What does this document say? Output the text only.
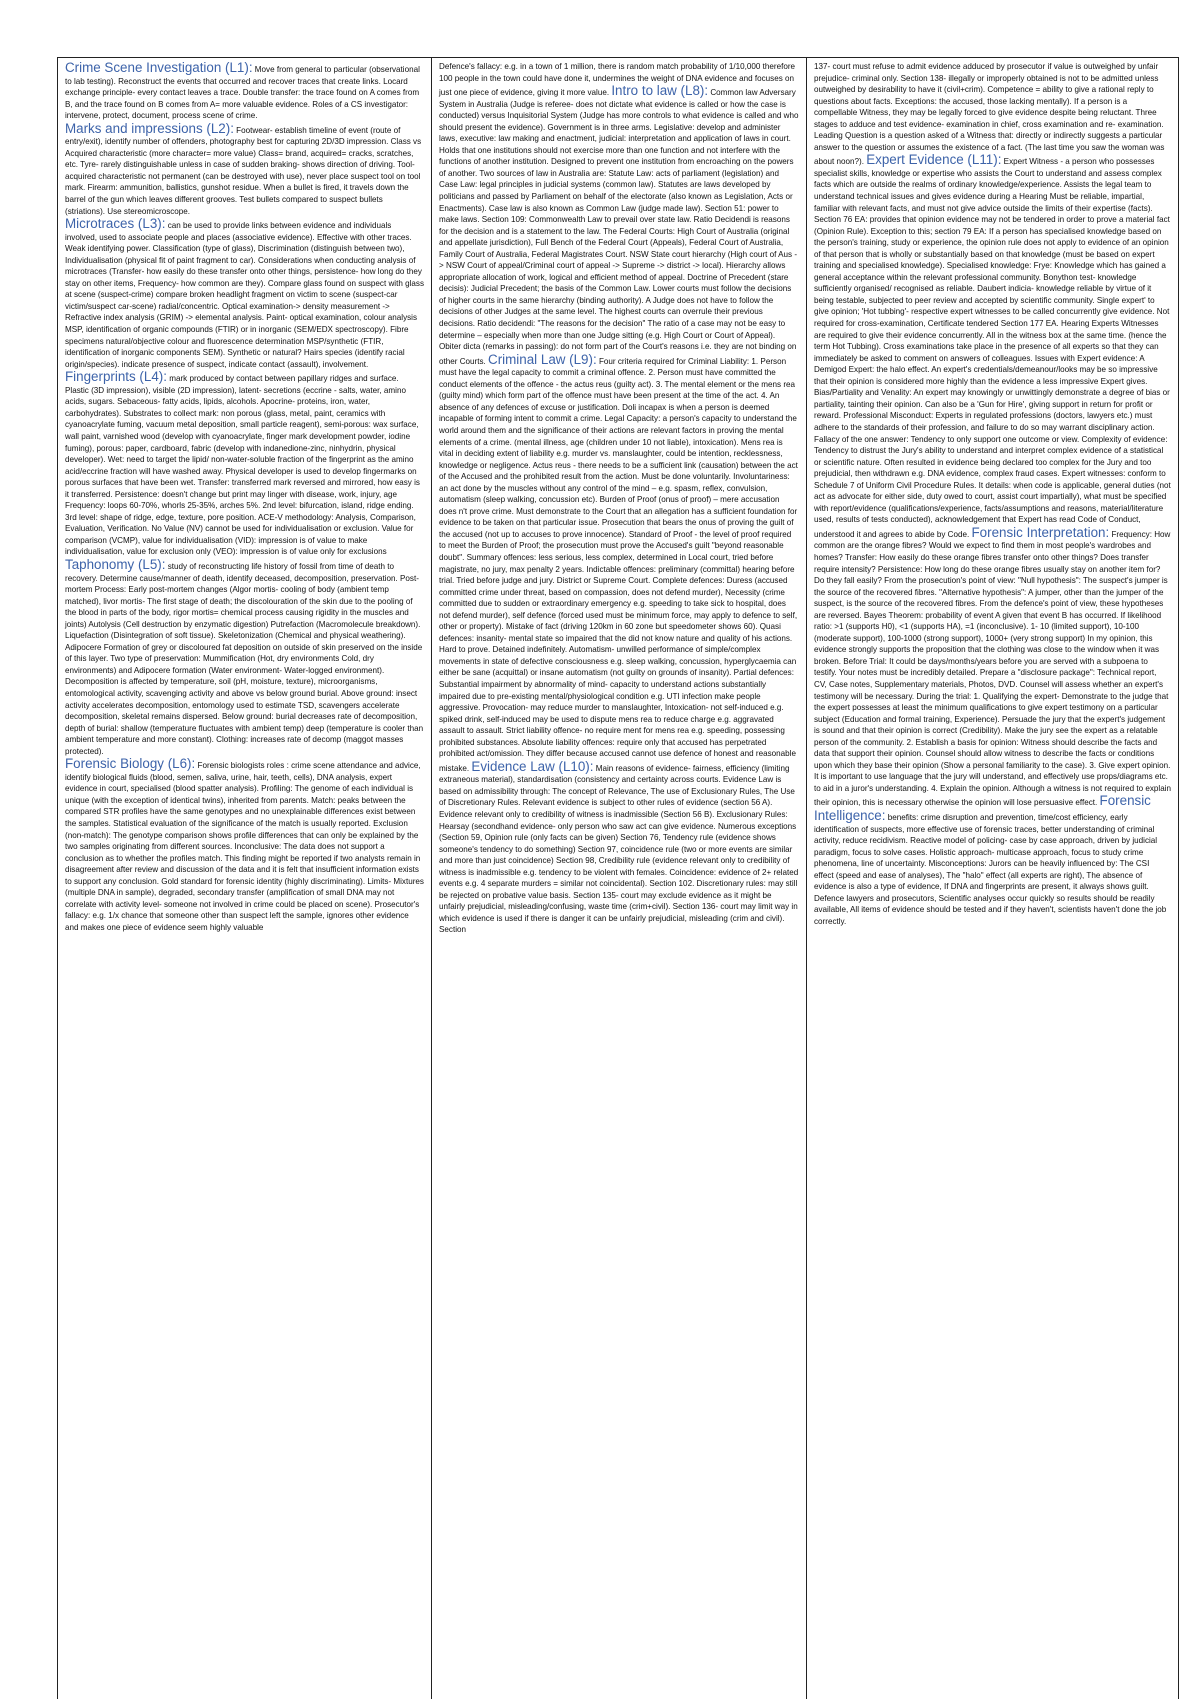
Crime Scene Investigation (L1): Move from general to particular (observational to lab testing). Reconstruct the events that occurred and recover traces that create links. Locard exchange principle- every contact leaves a trace. Double transfer: the trace found on A comes from B, and the trace found on B comes from A= more valuable evidence. Roles of a CS investigator: intervene, protect, document, process scene of crime.

Marks and impressions (L2): Footwear- establish timeline of event (route of entry/exit), identify number of offenders, photography best for capturing 2D/3D impression. Class vs Acquired characteristic (more character= more value) Class= brand, acquired= cracks, scratches, etc. Tyre- rarely distinguishable unless in case of sudden braking- shows direction of driving. Tool- acquired characteristic not permanent (can be destroyed with use), never place suspect tool on tool mark. Firearm: ammunition, ballistics, gunshot residue. When a bullet is fired, it travels down the barrel of the gun which leaves different grooves. Test bullets compared to suspect bullets (striations). Use stereomicroscope.

Microtraces (L3): can be used to provide links between evidence and individuals involved, used to associate people and places (associative evidence). Effective with other traces. Weak identifying power. Classification (type of glass), Discrimination (distinguish between two), Individualisation (physical fit of paint fragment to car). Considerations when conducting analysis of microtraces (Transfer- how easily do these transfer onto other things, persistence- how long do they stay on other items, Frequency- how common are they). Compare glass found on suspect with glass at scene (suspect-crime) compare broken headlight fragment on victim to scene (suspect-car victim/suspect car-scene) radial/concentric. Optical examination-> density measurement -> Refractive index analysis (GRIM) -> elemental analysis. Paint- optical examination, colour analysis MSP, identification of organic compounds (FTIR) or in inorganic (SEM/EDX spectroscopy). Fibre specimens natural/objective colour and fluorescence determination MSP/synthetic (FTIR, identification of inorganic components SEM). Synthetic or natural? Hairs species (identify racial origin/species). indicate presence of suspect, indicate contact (assault), involvement.

Fingerprints (L4): mark produced by contact between papillary ridges and surface. Plastic (3D impression), visible (2D impression), latent- secretions (eccrine - salts, water, amino acids, sugars. Sebaceous- fatty acids, lipids, alcohols. Apocrine- proteins, iron, water, carbohydrates). Substrates to collect mark: non porous (glass, metal, paint, ceramics with cyanoacrylate fuming, vacuum metal deposition, small particle reagent), semi-porous: wax surface, wall paint, varnished wood (develop with cyanoacrylate, finger mark development powder, iodine fuming), porous: paper, cardboard, fabric (develop with indanedione-zinc, ninhydrin, physical developer). Wet: need to target the lipid/ non-water-soluble fraction of the fingerprint as the amino acid/eccrine fraction will have washed away. Physical developer is used to develop fingermarks on porous surfaces that have been wet. Transfer: transferred mark reversed and mirrored, how easy is it transferred. Persistence: doesn't change but print may linger with disease, work, injury, age Frequency: loops 60-70%, whorls 25-35%, arches 5%. 2nd level: bifurcation, island, ridge ending. 3rd level: shape of ridge, edge, texture, pore position. ACE-V methodology: Analysis, Comparison, Evaluation, Verification. No Value (NV) cannot be used for individualisation or exclusion. Value for comparison (VCMP), value for individualisation (VID): impression is of value to make individualisation, value for exclusion only (VEO): impression is of value only for exclusions

Taphonomy (L5): study of reconstructing life history of fossil from time of death to recovery. Determine cause/manner of death, identify deceased, decomposition, preservation. Post-mortem Process: Early post-mortem changes (Algor mortis- cooling of body (ambient temp matched), livor mortis- The first stage of death; the discolouration of the skin due to the pooling of the blood in parts of the body, rigor mortis= chemical process causing rigidity in the muscles and joints) Autolysis (Cell destruction by enzymatic digestion) Putrefaction (Macromolecule breakdown). Liquefaction (Disintegration of soft tissue). Skeletonization (Chemical and physical weathering). Adipocere Formation of grey or discoloured fat deposition on outside of skin preserved on the inside of this layer. Two type of preservation: Mummification (Hot, dry environments Cold, dry environments) and Adipocere formation (Water environment- Water-logged environment). Decomposition is affected by temperature, soil (pH, moisture, texture), microorganisms, entomological activity, scavenging activity and above vs below ground burial. Above ground: insect activity accelerates decomposition, entomology used to estimate TSD, scavengers accelerate decomposition, skeletal remains dispersed. Below ground: burial decreases rate of decomposition, depth of burial: shallow (temperature fluctuates with ambient temp) deep (temperature is cooler than ambient temperature and more constant). Clothing: increases rate of decomp (maggot masses protected).

Forensic Biology (L6): Forensic biologists roles : crime scene attendance and advice, identify biological fluids (blood, semen, saliva, urine, hair, teeth, cells), DNA analysis, expert evidence in court, specialised (blood spatter analysis). Profiling: The genome of each individual is unique (with the exception of identical twins), inherited from parents. Match: peaks between the compared STR profiles have the same genotypes and no unexplainable differences exist between the samples. Statistical evaluation of the significance of the match is usually reported. Exclusion (non-match): The genotype comparison shows profile differences that can only be explained by the two samples originating from different sources. Inconclusive: The data does not support a conclusion as to whether the profiles match. This finding might be reported if two analysts remain in disagreement after review and discussion of the data and it is felt that insufficient information exists to support any conclusion. Gold standard for forensic identity (highly discriminating). Limits- Mixtures (multiple DNA in sample), degraded, secondary transfer (amplification of small DNA may not correlate with activity level- someone not involved in crime could be placed on scene). Prosecutor's fallacy: e.g. 1/x chance that someone other than suspect left the sample, ignores other evidence and makes one piece of evidence seem highly valuable

Defence's fallacy: e.g. in a town of 1 million, there is random match probability of 1/10,000 therefore 100 people in the town could have done it, undermines the weight of DNA evidence and focuses on just one piece of evidence, giving it more value. Intro to law (L8): Common law Adversary System in Australia (Judge is referee- does not dictate what evidence is called or how the case is conducted) versus Inquisitorial System (Judge has more controls to what evidence is called and who should present the evidence). Government is in three arms. Legislative: develop and administer laws, executive: law making and enactment, judicial: interpretation and application of laws in court. Holds that one institutions should not exercise more than one function and not interfere with the functions of another institution. Designed to prevent one institution from encroaching on the powers of another. Two sources of law in Australia are: Statute Law: acts of parliament (legislation) and Case Law: legal principles in judicial systems (common law). Statutes are laws developed by politicians and passed by Parliament on behalf of the electorate (also known as Legislation, Acts or Enactments). Case law is also known as Common Law (judge made law). Section 51: power to make laws. Section 109: Commonwealth Law to prevail over state law. Ratio Decidendi is reasons for the decision and is a statement to the law. The Federal Courts: High Court of Australia (original and appellate jurisdiction), Full Bench of the Federal Court (Appeals), Federal Court of Australia, Family Court of Australia, Federal Magistrates Court. NSW State court hierarchy (High court of Aus -> NSW Court of appeal/Criminal court of appeal -> Supreme -> district -> local). Hierarchy allows appropriate allocation of work, logical and efficient method of appeal. Doctrine of Precedent (stare decisis): Judicial Precedent; the basis of the Common Law. Lower courts must follow the decisions of higher courts in the same hierarchy (binding authority). A Judge does not have to follow the decisions of other Judges at the same level. The highest courts can overrule their previous decisions. Ratio decidendi: "The reasons for the decision" The ratio of a case may not be easy to determine – especially when more than one Judge sitting (e.g. High Court or Court of Appeal). Obiter dicta (remarks in passing): do not form part of the Court's reasons i.e. they are not binding on other Courts. Criminal Law (L9): Four criteria required for Criminal Liability: 1. Person must have the legal capacity to commit a criminal offence. 2. Person must have committed the conduct elements of the offence - the actus reus (guilty act). 3. The mental element or the mens rea (guilty mind) which form part of the offence must have been present at the time of the act. 4. An absence of any defences of excuse or justification. Doli incapax is when a person is deemed incapable of forming intent to commit a crime. Legal Capacity: a person's capacity to understand the world around them and the significance of their actions are relevant factors in proving the mental elements of a crime. (mental illness, age (children under 10 not liable), intoxication). Mens rea is vital in deciding extent of liability e.g. murder vs. manslaughter, could be intention, recklessness, knowledge or negligence. Actus reus - there needs to be a sufficient link (causation) between the act of the Accused and the prohibited result from the action. Must be done voluntarily. Involuntariness: an act done by the muscles without any control of the mind – e.g. spasm, reflex, convulsion, automatism (sleep walking, concussion etc). Burden of Proof (onus of proof) – mere accusation does n't prove crime. Must demonstrate to the Court that an allegation has a sufficient foundation for evidence to be taken on that particular issue. Prosecution that bears the onus of proving the guilt of the accused (not up to accuses to prove innocence). Standard of Proof - the level of proof required to meet the Burden of Proof; the prosecution must prove the Accused's guilt "beyond reasonable doubt". Summary offences: less serious, less complex, determined in Local court, tried before magistrate, no jury, max penalty 2 years. Indictable offences: preliminary (committal) hearing before trial. Tried before judge and jury. District or Supreme Court. Complete defences: Duress (accused committed crime under threat, based on compassion, does not defend murder), Necessity (crime committed due to sudden or extraordinary emergency e.g. speeding to take sick to hospital, does not defend murder), self defence (forced used must be minimum force, may apply to defence to self, other or property). Mistake of fact (driving 120km in 60 zone but speedometer shows 60). Quasi defences: insanity- mental state so impaired that the did not know nature and quality of his actions. Hard to prove. Detained indefinitely. Automatism- unwilled performance of simple/complex movements in state of defective consciousness e.g. sleep walking, concussion, hyperglycaemia can either be sane (acquittal) or insane automatism (not guilty on grounds of insanity). Partial defences: Substantial impairment by abnormality of mind- capacity to understand actions substantially impaired due to pre-existing mental/physiological condition e.g. UTI infection make people aggressive. Provocation- may reduce murder to manslaughter, Intoxication- not self-induced e.g. spiked drink, self-induced may be used to dispute mens rea to reduce charge e.g. aggravated assault to assault. Strict liability offence- no require ment for mens rea e.g. speeding, possessing prohibited substances. Absolute liability offences: require only that accused has perpetrated prohibited act/omission. They differ because accused cannot use defence of honest and reasonable mistake. Evidence Law (L10): Main reasons of evidence- fairness, efficiency (limiting extraneous material), standardisation (consistency and certainty across courts. Evidence Law is based on admissibility through: The concept of Relevance, The use of Exclusionary Rules, The Use of Discretionary Rules. Relevant evidence is subject to other rules of evidence (section 56 A). Evidence relevant only to credibility of witness is inadmissible (Section 56 B). Exclusionary Rules: Hearsay (secondhand evidence- only person who saw act can give evidence. Numerous exceptions (Section 59, Opinion rule (only facts can be given) Section 76, Tendency rule (evidence shows someone's tendency to do something) Section 97, coincidence rule (two or more events are similar and more than just coincidence) Section 98, Credibility rule (evidence relevant only to credibility of witness is inadmissible e.g. tendency to be violent with females. Coincidence: evidence of 2+ related events e.g. 4 separate murders = similar not coincidental). Section 102. Discretionary rules: may still be rejected on probative value basis. Section 135- court may exclude evidence as it might be unfairly prejudicial, misleading/confusing, waste time (crim+civil). Section 136- court may limit way in which evidence is used if there is danger it can be unfairly prejudicial, misleading (crim and civil). Section
137- court must refuse to admit evidence adduced by prosecutor if value is outweighed by unfair prejudice- criminal only. Section 138- illegally or improperly obtained is not to be admitted unless outweighed by desirability to have it (civil+crim). Competence = ability to give a rational reply to questions about facts. Exceptions: the accused, those lacking mentally). If a person is a compellable Witness, they may be legally forced to give evidence despite being reluctant. Three stages to adduce and test evidence- examination in chief, cross examination and re- examination. Leading Question is a question asked of a Witness that: directly or indirectly suggests a particular answer to the question or assumes the existence of a fact. (The last time you saw the woman was about noon?). Expert Evidence (L11): Expert Witness - a person who possesses specialist skills, knowledge or expertise who assists the Court to understand and assess complex facts which are outside the realms of ordinary knowledge/experience. Assists the legal team to understand technical issues and gives evidence during a Hearing Must be reliable, impartial, familiar with relevant facts, and must not give advice outside the limits of their expertise (facts). Section 76 EA: provides that opinion evidence may not be tendered in order to prove a material fact (Opinion Rule). Exception to this; section 79 EA: If a person has specialised knowledge based on the person's training, study or experience, the opinion rule does not apply to evidence of an opinion of that person that is wholly or substantially based on that knowledge (must be based on expert training and specialised knowledge). Specialised knowledge: Frye: Knowledge which has gained a general acceptance within the relevant professional community. Bonython test- knowledge sufficiently organised/ recognised as reliable. Daubert indicia- knowledge reliable by virtue of it being testable, subjected to peer review and accepted by scientific community. Single expert' to give opinion; 'Hot tubbing'- respective expert witnesses to be called concurrently give evidence. Not required for cross-examination, Certificate tendered Section 177 EA. Hearing Experts Witnesses are required to give their evidence concurrently. All in the witness box at the same time. (hence the term Hot Tubbing). Cross examinations take place in the presence of all experts so that they can immediately be asked to comment on answers of colleagues. Issues with Expert evidence: A Demigod Expert: the halo effect. An expert's credentials/demeanour/looks may be so impressive that their opinion is considered more highly than the evidence a less impressive Expert gives. Bias/Partiality and Venality: An expert may knowingly or unwittingly demonstrate a degree of bias or partiality, tainting their opinion. Can also be a 'Gun for Hire', giving support in return for profit or reward. Professional Misconduct: Experts in regulated professions (doctors, lawyers etc.) must adhere to the standards of their profession, and failure to do so may warrant disciplinary action. Fallacy of the one answer: Tendency to only support one outcome or view. Complexity of evidence: Tendency to distrust the Jury's ability to understand and interpret complex evidence of a statistical or scientific nature. Often resulted in evidence being declared too complex for the Jury and too prejudicial, then withdrawn e.g. DNA evidence, complex fraud cases. Expert witnesses: conform to Schedule 7 of Uniform Civil Procedure Rules. It details: when code is applicable, general duties (not act as advocate for either side, duty owed to court, assist court impartially), what must be specified with report/evidence (qualifications/experience, facts/assumptions and reasons, material/literature used, results of tests conducted), acknowledgement that Expert has read Code of Conduct, understood it and agrees to abide by Code. Forensic Interpretation: Frequency: How common are the orange fibres? Would we expect to find them in most people's wardrobes and homes? Transfer: How easily do these orange fibres transfer onto other things? Does transfer require intensity? Persistence: How long do these orange fibres usually stay on another item for? Do they fall easily? From the prosecution's point of view: "Null hypothesis": The suspect's jumper is the source of the recovered fibres. "Alternative hypothesis": A jumper, other than the jumper of the suspect, is the source of the recovered fibres. From the defence's point of view, these hypotheses are reversed. Bayes Theorem: probability of event A given that event B has occurred. If likelihood ratio: >1 (supports H0), <1 (supports HA), =1 (inconclusive). 1- 10 (limited support), 10-100 (moderate support), 100-1000 (strong support), 1000+ (very strong support) In my opinion, this evidence strongly supports the proposition that the clothing was close to the window when it was broken. Before Trial: It could be days/months/years before you are served with a subpoena to testify. Your notes must be incredibly detailed. Prepare a "disclosure package": Technical report, CV, Case notes, Supplementary materials, Photos, DVD. Counsel will assess whether an expert's testimony will be necessary. During the trial: 1. Qualifying the expert- Demonstrate to the judge that the expert possesses at least the minimum qualifications to give expert testimony on a particular subject (Education and formal training, Experience). Persuade the jury that the expert's judgement is sound and that their opinion is correct (Credibility). Make the jury see the expert as a relatable person of the community. 2. Establish a basis for opinion: Witness should describe the facts and data that support their opinion. Counsel should allow witness to describe the facts or conditions upon which they base their opinion (Show a personal familiarity to the case). 3. Give expert opinion. It is important to use language that the jury will understand, and effectively use props/diagrams etc. to aid in a juror's understanding. 4. Explain the opinion. Although a witness is not required to explain their opinion, this is necessary otherwise the opinion will lose persuasive effect. Forensic Intelligence: benefits: crime disruption and prevention, time/cost efficiency, early identification of suspects, more effective use of forensic traces, better understanding of criminal activity, reduce recidivism. Reactive model of policing- case by case approach, driven by judicial paradigm, focus to solve cases. Holistic approach- multicase approach, focus to study crime phenomena, line of uncertainty. Misconceptions: Jurors can be heavily influenced by: The CSI effect (speed and ease of analyses), The "halo" effect (all experts are right), The absence of evidence is also a type of evidence, If DNA and fingerprints are present, it always shows guilt. Defence lawyers and prosecutors, Scientific analyses occur quickly so results should be readily available, All items of evidence should be tested and if they haven't, scientists haven't done the job correctly.
